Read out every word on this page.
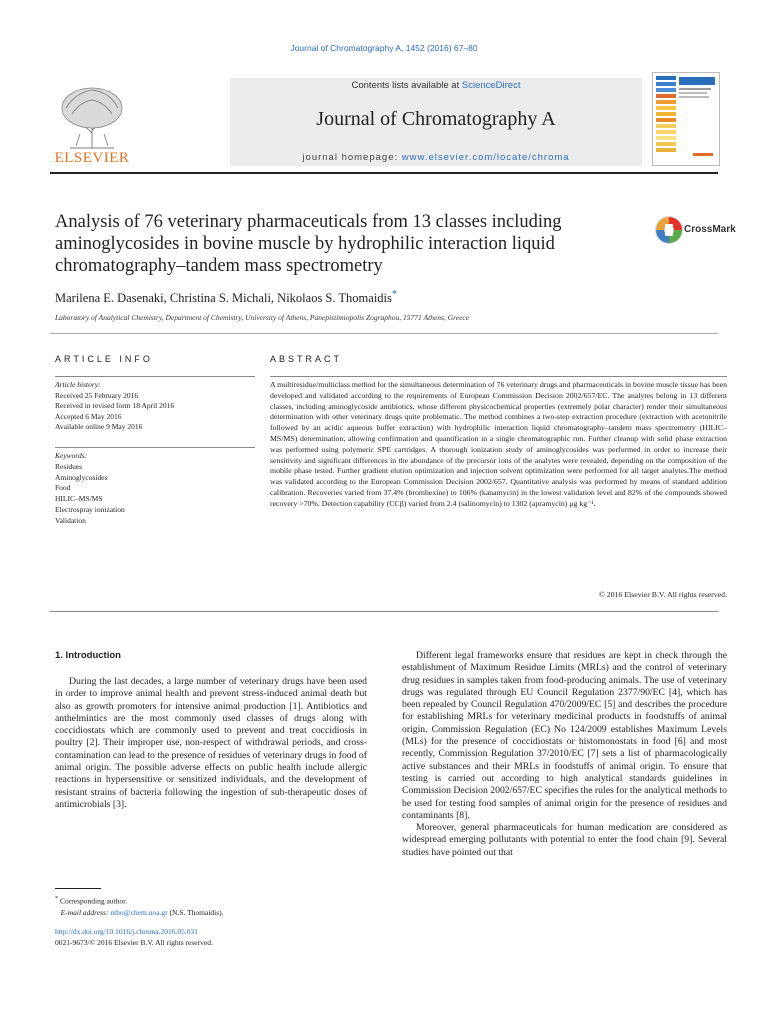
Journal of Chromatography A, 1452 (2016) 67–80
ELSEVIER
Contents lists available at ScienceDirect
Journal of Chromatography A
journal homepage: www.elsevier.com/locate/chroma
Analysis of 76 veterinary pharmaceuticals from 13 classes including aminoglycosides in bovine muscle by hydrophilic interaction liquid chromatography–tandem mass spectrometry
CrossMark
Marilena E. Dasenaki, Christina S. Michali, Nikolaos S. Thomaidis*
Laboratory of Analytical Chemistry, Department of Chemistry, University of Athens, Panepistimiopolis Zographou, 15771 Athens, Greece
ARTICLE INFO	ABSTRACT
Article history:
Received 25 February 2016
Received in revised form 18 April 2016
Accepted 6 May 2016
Available online 9 May 2016
Keywords:
Residues
Aminoglycosides
Food
HILIC–MS/MS
Electrospray ionization
Validation
A multiresidue/multiclass method for the simultaneous determination of 76 veterinary drugs and pharmaceuticals in bovine muscle tissue has been developed and validated according to the requirements of European Commission Decision 2002/657/EC. The analytes belong in 13 different classes, including aminoglycoside antibiotics, whose different physicochemical properties (extremely polar character) render their simultaneous determination with other veterinary drugs quite problematic. The method combines a two-step extraction procedure (extraction with acetonitrile followed by an acidic aqueous buffer extraction) with hydrophilic interaction liquid chromatography–tandem mass spectrometry (HILIC–MS/MS) determination, allowing confirmation and quantification in a single chromatographic run. Further cleanup with solid phase extraction was performed using polymeric SPE cartridges. A thorough ionization study of aminoglycosides was performed in order to increase their sensitivity and significant differences in the abundance of the precursor ions of the analytes were revealed, depending on the composition of the mobile phase tested. Further gradient elution optimization and injection solvent optimization were performed for all target analytes.The method was validated according to the European Commission Decision 2002/657. Quantitative analysis was performed by means of standard addition calibration. Recoveries varied from 37.4% (bromhexine) to 106% (kanamycin) in the lowest validation level and 82% of the compounds showed recovery >70%. Detection capability (CCβ) varied from 2.4 (salinomycin) to 1302 (apramycin) μg kg⁻¹.
© 2016 Elsevier B.V. All rights reserved.
1. Introduction

During the last decades, a large number of veterinary drugs have been used in order to improve animal health and prevent stress-induced animal death but also as growth promoters for intensive animal production [1]. Antibiotics and anthelmintics are the most commonly used classes of drugs along with coccidiostats which are commonly used to prevent and treat coccidiosis in poultry [2]. Their improper use, non-respect of withdrawal periods, and cross-contamination can lead to the presence of residues of veterinary drugs in food of animal origin. The possible adverse effects on public health include allergic reactions in hypersensitive or sensitized individuals, and the development of resistant strains of bacteria following the ingestion of sub-therapeutic doses of antimicrobials [3].

Different legal frameworks ensure that residues are kept in check through the establishment of Maximum Residue Limits (MRLs) and the control of veterinary drug residues in samples taken from food-producing animals. The use of veterinary drugs was regulated through EU Council Regulation 2377/90/EC [4], which has been repealed by Council Regulation 470/2009/EC [5] and describes the procedure for establishing MRLs for veterinary medicinal products in foodstuffs of animal origin. Commission Regulation (EC) No 124/2009 establishes Maximum Levels (MLs) for the presence of coccidiostats or histomonostats in food [6] and most recently, Commission Regulation 37/2010/EC [7] sets a list of pharmacologically active substances and their MRLs in foodstuffs of animal origin. To ensure that testing is carried out according to high analytical standards guidelines in Commission Decision 2002/657/EC specifies the rules for the analytical methods to be used for testing food samples of animal origin for the presence of residues and contaminants [8].

Moreover, general pharmaceuticals for human medication are considered as widespread emerging pollutants with potential to enter the food chain [9]. Several studies have pointed out that

* Corresponding author.
E-mail address: ntho@chem.uoa.gr (N.S. Thomaidis).
http://dx.doi.org/10.1016/j.chroma.2016.05.031
0021-9673/© 2016 Elsevier B.V. All rights reserved.
